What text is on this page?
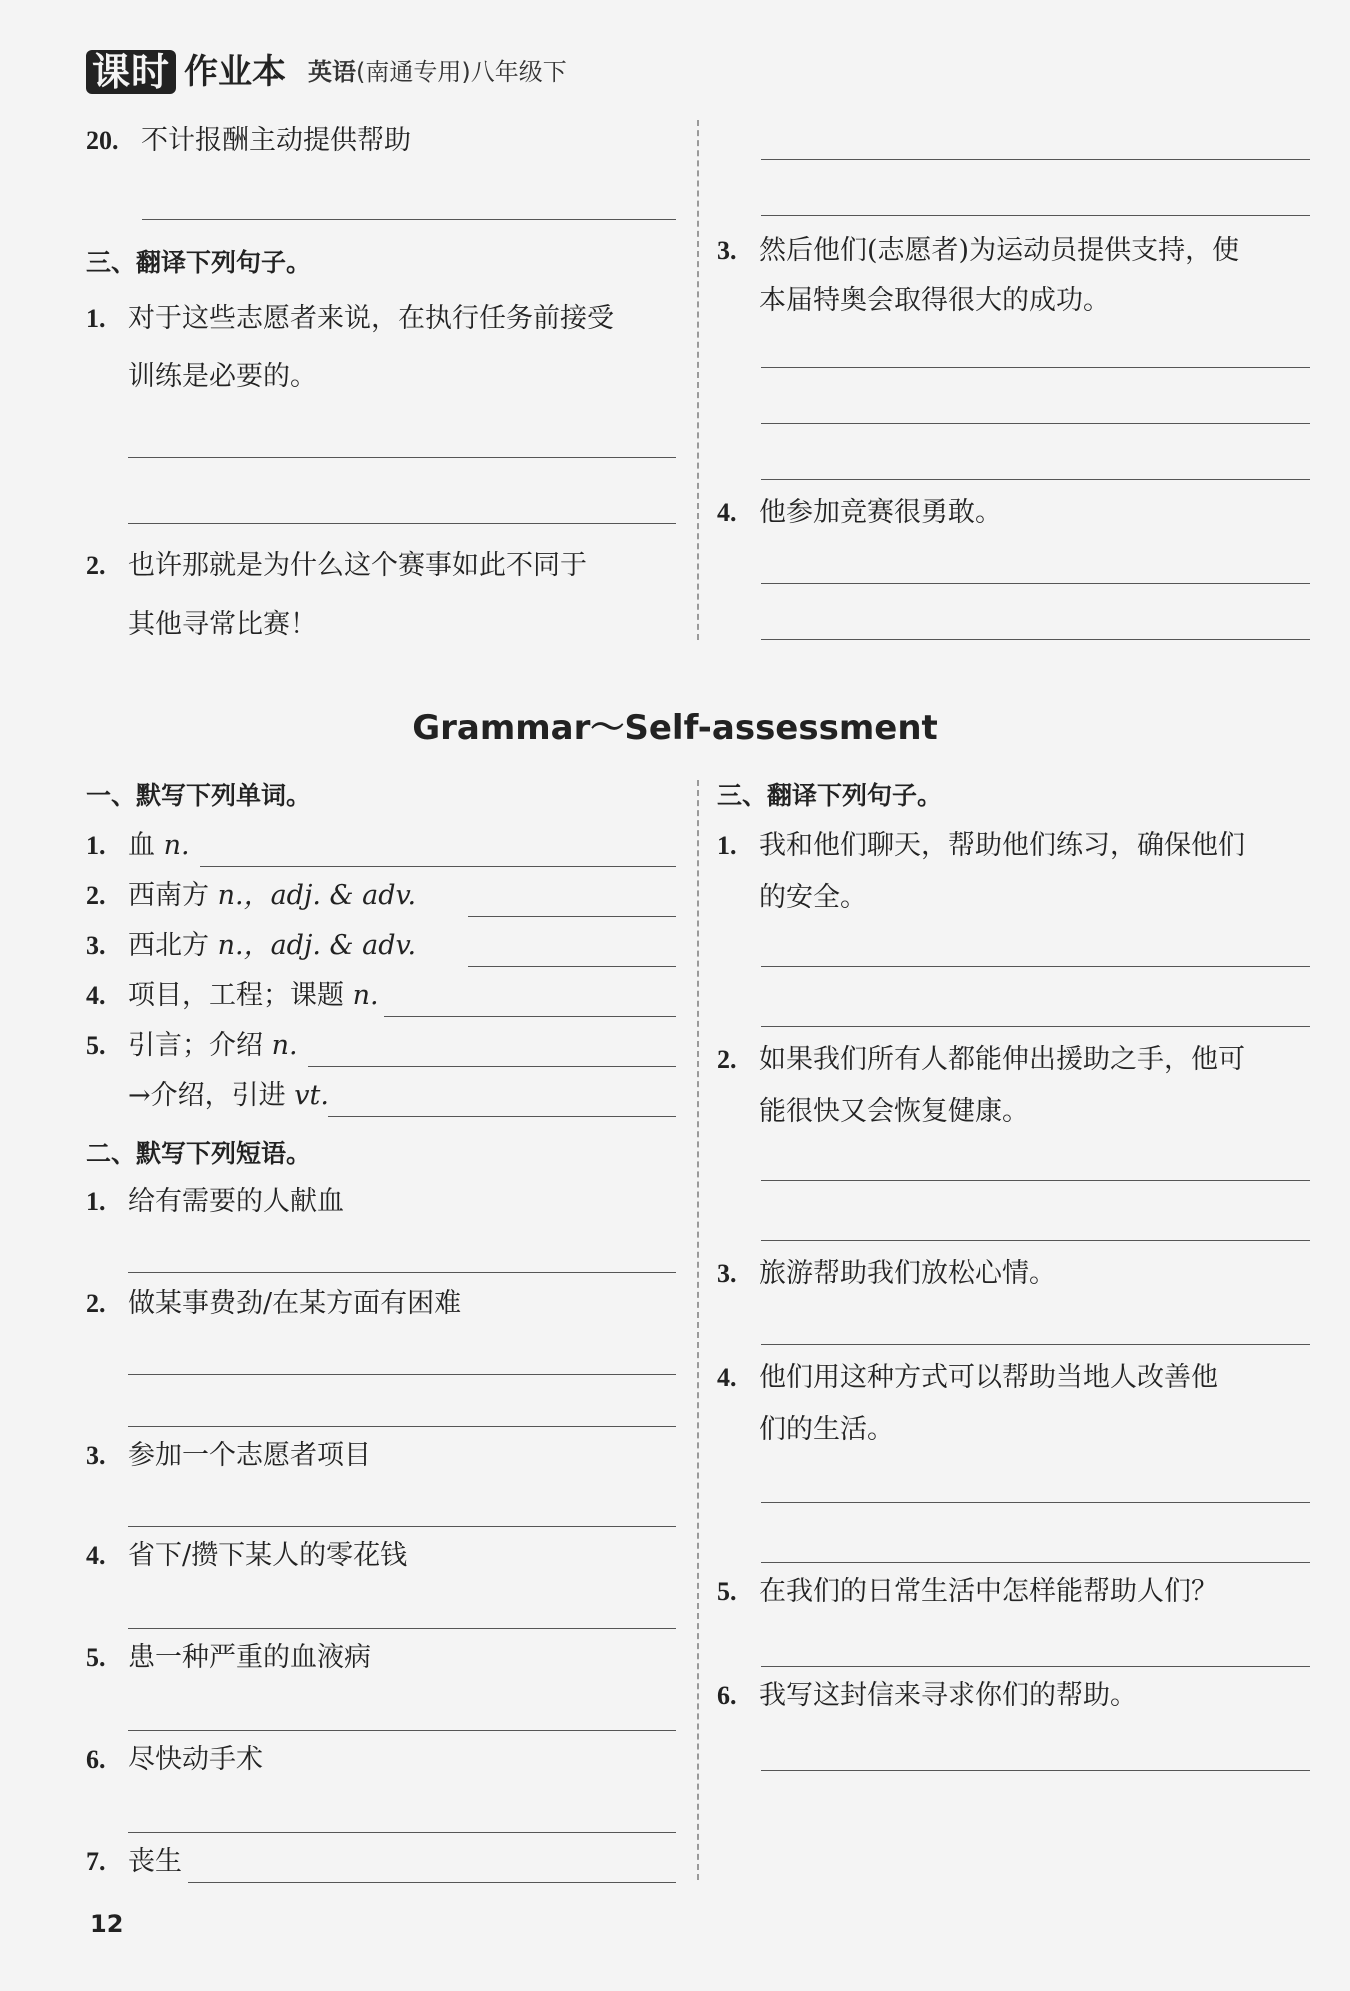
课时 作业本 英语(南通专用)八年级下
20. 不计报酬主动提供帮助
三、翻译下列句子。
1. 对于这些志愿者来说，在执行任务前接受
训练是必要的。
2. 也许那就是为什么这个赛事如此不同于
其他寻常比赛！
3. 然后他们(志愿者)为运动员提供支持，使
本届特奥会取得很大的成功。
4. 他参加竞赛很勇敢。
Grammar～Self-assessment
一、默写下列单词。
1. 血 n.
2. 西南方 n.，adj. & adv.
3. 西北方 n.，adj. & adv.
4. 项目，工程；课题 n.
5. 引言；介绍 n.
→介绍，引进 vt.
二、默写下列短语。
1. 给有需要的人献血
2. 做某事费劲/在某方面有困难
3. 参加一个志愿者项目
4. 省下/攒下某人的零花钱
5. 患一种严重的血液病
6. 尽快动手术
7. 丧生
三、翻译下列句子。
1. 我和他们聊天，帮助他们练习，确保他们
的安全。
2. 如果我们所有人都能伸出援助之手，他可
能很快又会恢复健康。
3. 旅游帮助我们放松心情。
4. 他们用这种方式可以帮助当地人改善他
们的生活。
5. 在我们的日常生活中怎样能帮助人们？
6. 我写这封信来寻求你们的帮助。
12
